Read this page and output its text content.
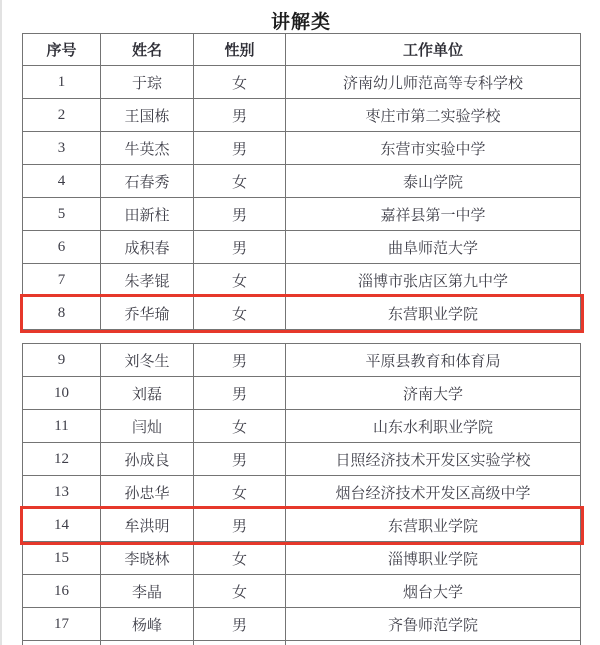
讲解类
序号	姓名	性别	工作单位
1	于琮	女	济南幼儿师范高等专科学校
2	王国栋	男	枣庄市第二实验学校
3	牛英杰	男	东营市实验中学
4	石春秀	女	泰山学院
5	田新柱	男	嘉祥县第一中学
6	成积春	男	曲阜师范大学
7	朱孝锟	女	淄博市张店区第九中学
8	乔华瑜	女	东营职业学院
9	刘冬生	男	平原县教育和体育局
10	刘磊	男	济南大学
11	闫灿	女	山东水利职业学院
12	孙成良	男	日照经济技术开发区实验学校
13	孙忠华	女	烟台经济技术开发区高级中学
14	牟洪明	男	东营职业学院
15	李晓林	女	淄博职业学院
16	李晶	女	烟台大学
17	杨峰	男	齐鲁师范学院
